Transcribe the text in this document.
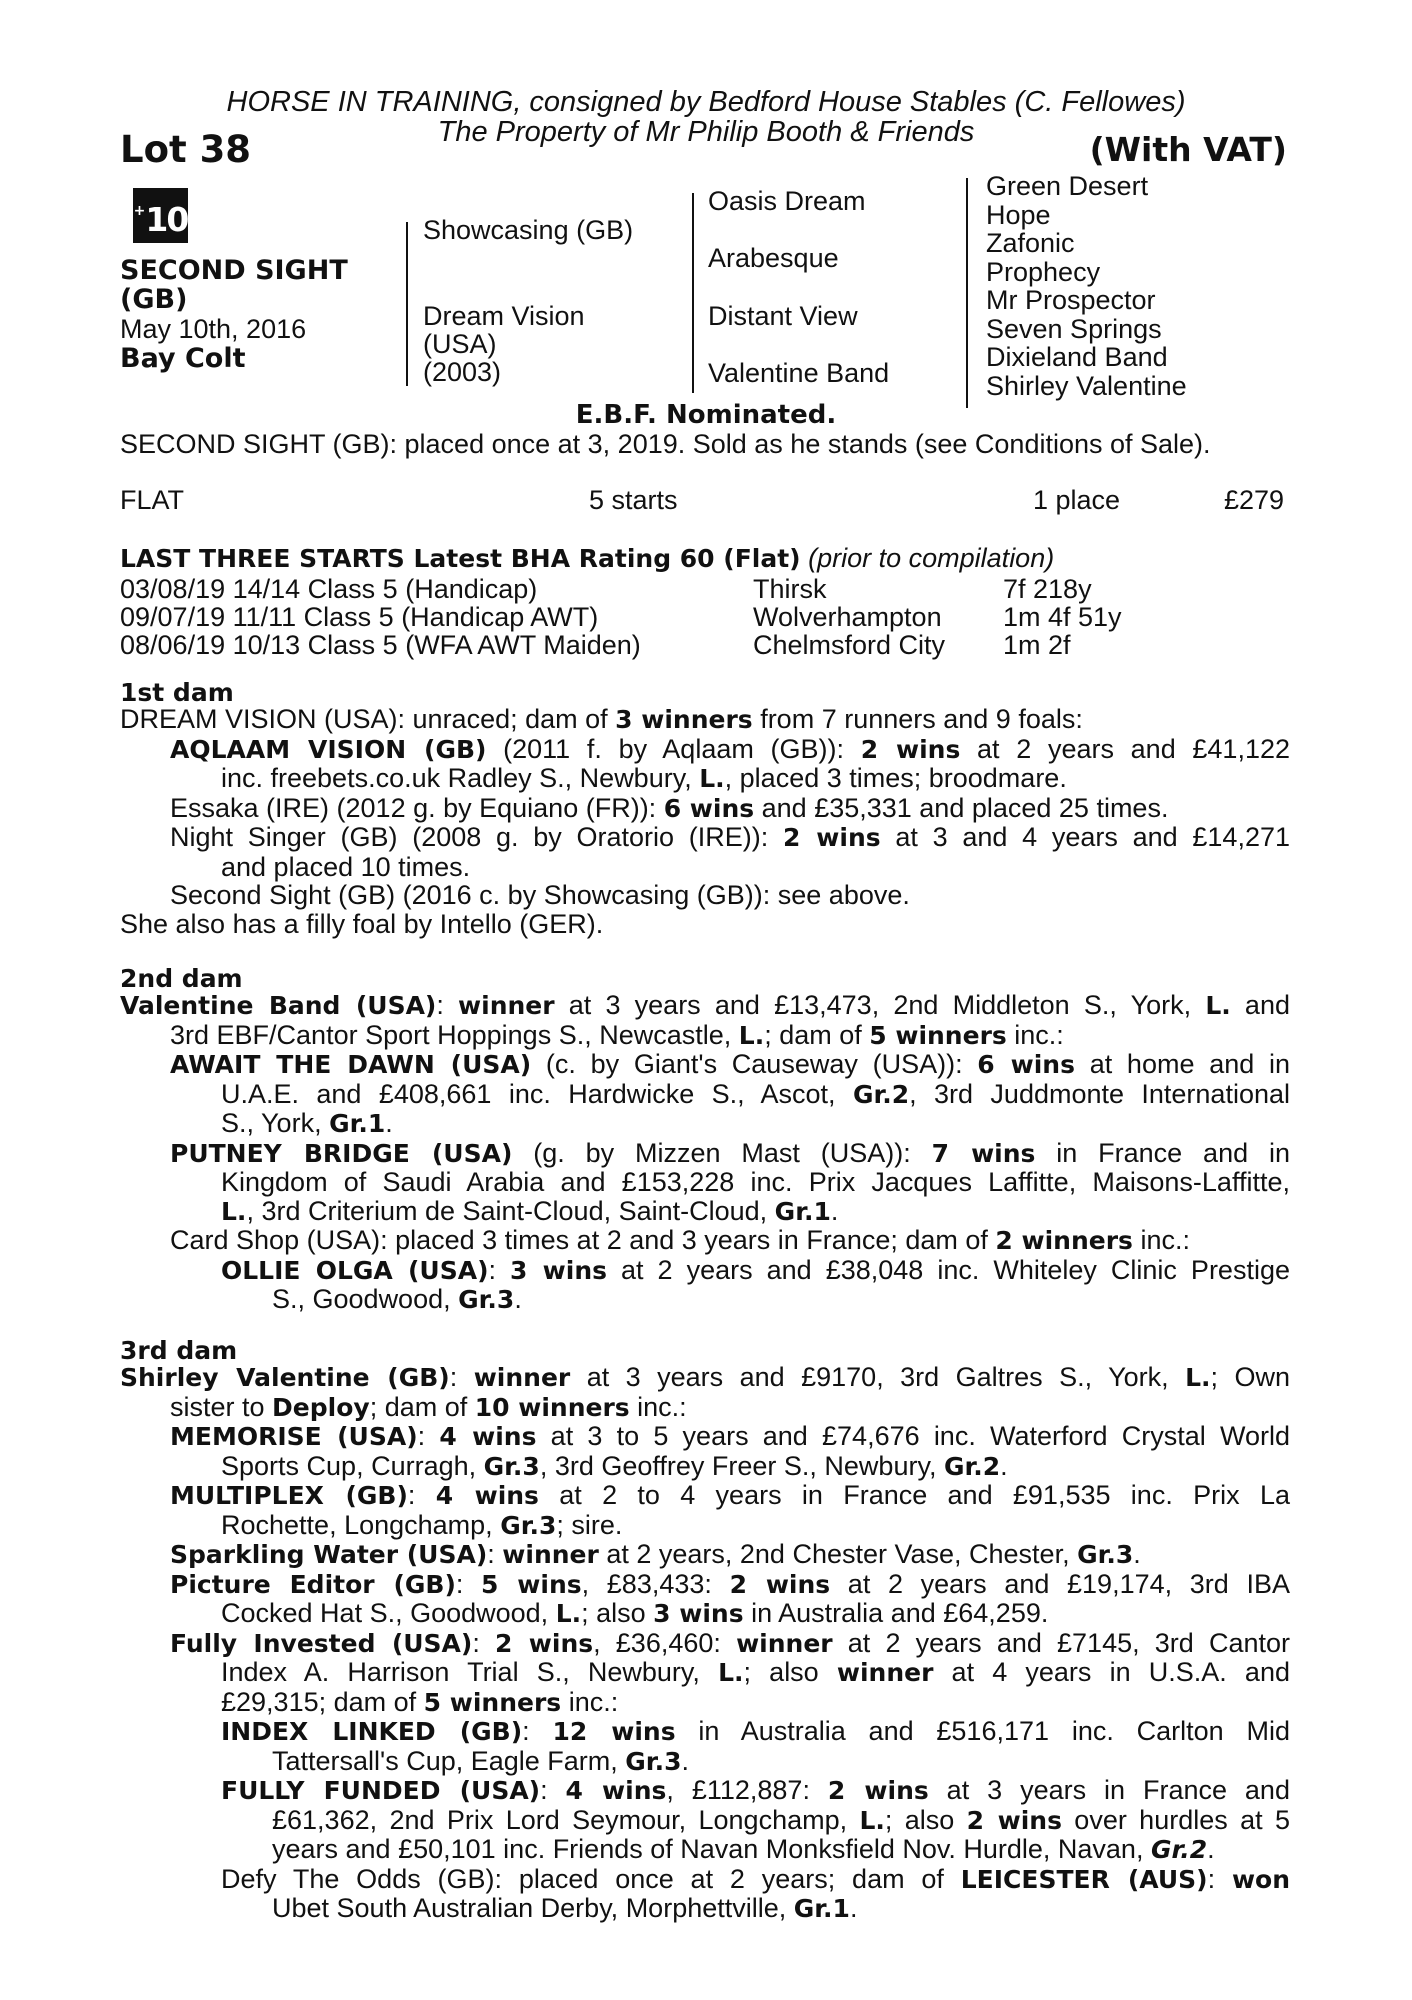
HORSE IN TRAINING, consigned by Bedford House Stables (C. Fellowes)
The Property of Mr Philip Booth & Friends
Lot 38	(With VAT)
+10
SECOND SIGHT
(GB)
May 10th, 2016
Bay Colt
Showcasing (GB)
Dream Vision
(USA)
(2003)
Oasis Dream
Arabesque
Distant View
Valentine Band
Green Desert
Hope
Zafonic
Prophecy
Mr Prospector
Seven Springs
Dixieland Band
Shirley Valentine
E.B.F. Nominated.
SECOND SIGHT (GB): placed once at 3, 2019. Sold as he stands (see Conditions of Sale).
FLAT	5 starts	1 place	£279
LAST THREE STARTS Latest BHA Rating 60 (Flat) (prior to compilation)
03/08/19 14/14 Class 5 (Handicap)	Thirsk	7f 218y
09/07/19 11/11 Class 5 (Handicap AWT)	Wolverhampton	1m 4f 51y
08/06/19 10/13 Class 5 (WFA AWT Maiden)	Chelmsford City	1m 2f
1st dam
DREAM VISION (USA): unraced; dam of 3 winners from 7 runners and 9 foals:
AQLAAM VISION (GB) (2011 f. by Aqlaam (GB)): 2 wins at 2 years and £41,122
inc. freebets.co.uk Radley S., Newbury, L., placed 3 times; broodmare.
Essaka (IRE) (2012 g. by Equiano (FR)): 6 wins and £35,331 and placed 25 times.
Night Singer (GB) (2008 g. by Oratorio (IRE)): 2 wins at 3 and 4 years and £14,271
and placed 10 times.
Second Sight (GB) (2016 c. by Showcasing (GB)): see above.
She also has a filly foal by Intello (GER).
2nd dam
Valentine Band (USA): winner at 3 years and £13,473, 2nd Middleton S., York, L. and
3rd EBF/Cantor Sport Hoppings S., Newcastle, L.; dam of 5 winners inc.:
AWAIT THE DAWN (USA) (c. by Giant's Causeway (USA)): 6 wins at home and in
U.A.E. and £408,661 inc. Hardwicke S., Ascot, Gr.2, 3rd Juddmonte International
S., York, Gr.1.
PUTNEY BRIDGE (USA) (g. by Mizzen Mast (USA)): 7 wins in France and in
Kingdom of Saudi Arabia and £153,228 inc. Prix Jacques Laffitte, Maisons-Laffitte,
L., 3rd Criterium de Saint-Cloud, Saint-Cloud, Gr.1.
Card Shop (USA): placed 3 times at 2 and 3 years in France; dam of 2 winners inc.:
OLLIE OLGA (USA): 3 wins at 2 years and £38,048 inc. Whiteley Clinic Prestige
S., Goodwood, Gr.3.
3rd dam
Shirley Valentine (GB): winner at 3 years and £9170, 3rd Galtres S., York, L.; Own
sister to Deploy; dam of 10 winners inc.:
MEMORISE (USA): 4 wins at 3 to 5 years and £74,676 inc. Waterford Crystal World
Sports Cup, Curragh, Gr.3, 3rd Geoffrey Freer S., Newbury, Gr.2.
MULTIPLEX (GB): 4 wins at 2 to 4 years in France and £91,535 inc. Prix La
Rochette, Longchamp, Gr.3; sire.
Sparkling Water (USA): winner at 2 years, 2nd Chester Vase, Chester, Gr.3.
Picture Editor (GB): 5 wins, £83,433: 2 wins at 2 years and £19,174, 3rd IBA
Cocked Hat S., Goodwood, L.; also 3 wins in Australia and £64,259.
Fully Invested (USA): 2 wins, £36,460: winner at 2 years and £7145, 3rd Cantor
Index A. Harrison Trial S., Newbury, L.; also winner at 4 years in U.S.A. and
£29,315; dam of 5 winners inc.:
INDEX LINKED (GB): 12 wins in Australia and £516,171 inc. Carlton Mid
Tattersall's Cup, Eagle Farm, Gr.3.
FULLY FUNDED (USA): 4 wins, £112,887: 2 wins at 3 years in France and
£61,362, 2nd Prix Lord Seymour, Longchamp, L.; also 2 wins over hurdles at 5
years and £50,101 inc. Friends of Navan Monksfield Nov. Hurdle, Navan, Gr.2.
Defy The Odds (GB): placed once at 2 years; dam of LEICESTER (AUS): won
Ubet South Australian Derby, Morphettville, Gr.1.
